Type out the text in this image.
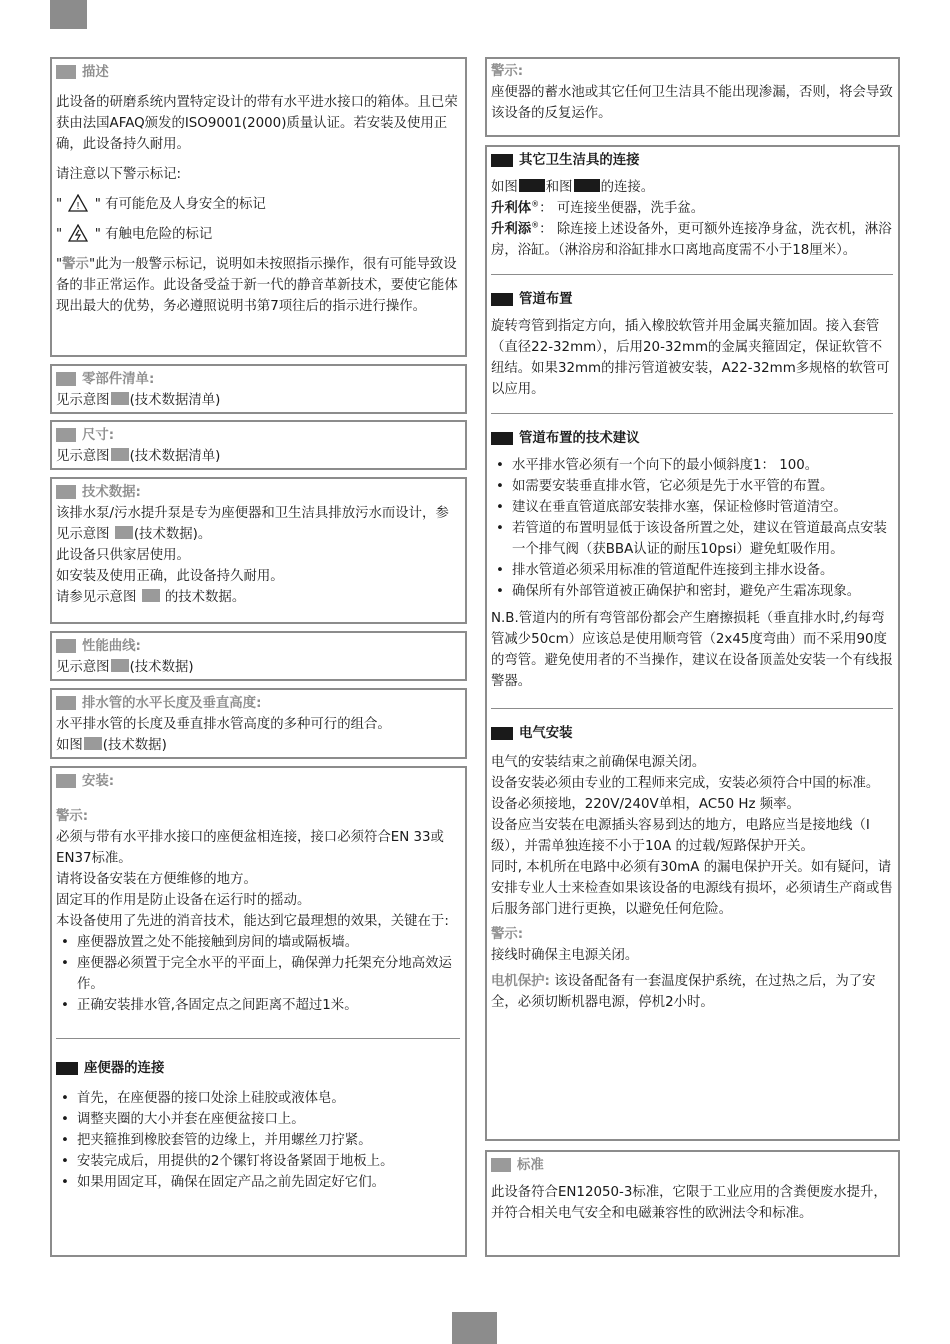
描述

此设备的研磨系统内置特定设计的带有水平进水接口的箱体。且已荣获由法国AFAQ颁发的ISO9001(2000)质量认证。若安装及使用正确，此设备持久耐用。

请注意以下警示标记:

" ! " 有可能危及人身安全的标记

" " 有触电危险的标记

"警示"此为一般警示标记，说明如未按照指示操作，很有可能导致设备的非正常运作。此设备受益于新一代的静音革新技术，要使它能体现出最大的优势，务必遵照说明书第7项往后的指示进行操作。

零部件清单:

见示意图 (技术数据清单)

尺寸:

见示意图 (技术数据清单)

技术数据:

该排水泵/污水提升泵是专为座便器和卫生洁具排放污水而设计，参见示意图 (技术数据)。

此设备只供家居使用。

如安装及使用正确，此设备持久耐用。

请参见示意图 的技术数据。

性能曲线:

见示意图 (技术数据)

排水管的水平长度及垂直高度:

水平排水管的长度及垂直排水管高度的多种可行的组合。

如图 (技术数据)

安装:

警示:

必须与带有水平排水接口的座便盆相连接，接口必须符合EN 33或EN37标准。

请将设备安装在方便维修的地方。

固定耳的作用是防止设备在运行时的摇动。

本设备使用了先进的消音技术，能达到它最理想的效果，关键在于:

• 座便器放置之处不能接触到房间的墙或隔板墙。
• 座便器必须置于完全水平的平面上，确保弹力托架充分地高效运作。
• 正确安装排水管,各固定点之间距离不超过1米。
座便器的连接
• 首先，在座便器的接口处涂上硅胶或液体皂。
• 调整夹圈的大小并套在座便盆接口上。
• 把夹箍推到橡胶套管的边缘上，并用螺丝刀拧紧。
• 安装完成后，用提供的2个镙钉将设备紧固于地板上。
• 如果用固定耳，确保在固定产品之前先固定好它们。

警示:

座便器的蓄水池或其它任何卫生洁具不能出现渗漏，否则，将会导致该设备的反复运作。

其它卫生洁具的连接

如图 和图 的连接。

升利体®： 可连接坐便器，洗手盆。

升利添®： 除连接上述设备外，更可额外连接净身盆，洗衣机，淋浴房，浴缸。（淋浴房和浴缸排水口离地高度需不小于18厘米）。

管道布置

旋转弯管到指定方向，插入橡胶软管并用金属夹箍加固。接入套管（直径22-32mm），后用20-32mm的金属夹箍固定，保证软管不纽结。如果32mm的排污管道被安装，A22-32mm多规格的软管可以应用。

管道布置的技术建议
• 水平排水管必须有一个向下的最小倾斜度1： 100。
• 如需要安装垂直排水管，它必须是先于水平管的布置。
• 建议在垂直管道底部安装排水塞，保证检修时管道清空。
• 若管道的布置明显低于该设备所置之处，建议在管道最高点安装一个排气阀（获BBA认证的耐压10psi）避免虹吸作用。
• 排水管道必须采用标准的管道配件连接到主排水设备。
• 确保所有外部管道被正确保护和密封，避免产生霜冻现象。

N.B.管道内的所有弯管部份都会产生磨擦损耗（垂直排水时,约每弯管减少50cm）应该总是使用顺弯管（2x45度弯曲）而不采用90度的弯管。避免使用者的不当操作，建议在设备顶盖处安装一个有线报警器。

电气安装

电气的安装结束之前确保电源关闭。

设备安装必须由专业的工程师来完成，安装必须符合中国的标准。

设备必须接地，220V/240V单相，AC50 Hz 频率。

设备应当安装在电源插头容易到达的地方，电路应当是接地线（Ⅰ级），并需单独连接不小于10A 的过载/短路保护开关。

同时, 本机所在电路中必须有30mA 的漏电保护开关。如有疑问，请安排专业人士来检查如果该设备的电源线有损坏，必须请生产商或售后服务部门进行更换，以避免任何危险。

警示:

接线时确保主电源关闭。

电机保护: 该设备配备有一套温度保护系统，在过热之后，为了安全，必须切断机器电源，停机2小时。

标准

此设备符合EN12050-3标准，它限于工业应用的含粪便废水提升，并符合相关电气安全和电磁兼容性的欧洲法令和标准。
